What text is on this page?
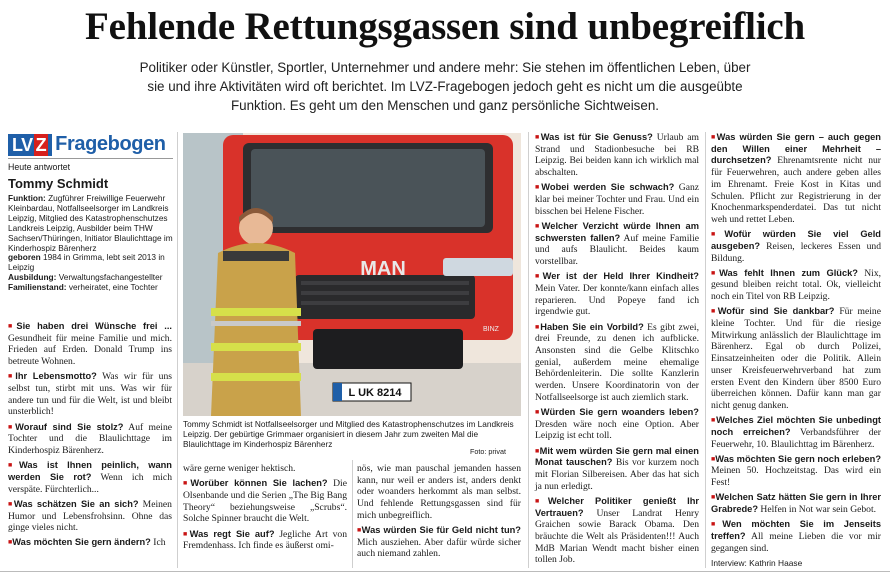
Fehlende Rettungsgassen sind unbegreiflich
Politiker oder Künstler, Sportler, Unternehmer und andere mehr: Sie stehen im öffentlichen Leben, über sie und ihre Aktivitäten wird oft berichtet. Im LVZ-Fragebogen jedoch geht es nicht um die ausgeübte Funktion. Es geht um den Menschen und ganz persönliche Sichtweisen.
LV Z Fragebogen
Heute antwortet
Tommy Schmidt
Funktion: Zugführer Freiwillige Feuerwehr Kleinbardau, Notfallseelsorger im Landkreis Leipzig, Mitglied des Katastrophenschutzes Landkreis Leipzig, Ausbilder beim THW Sachsen/Thüringen, Initiator Blaulichttage im Kinderhospiz Bärenherz
geboren 1984 in Grimma, lebt seit 2013 in Leipzig
Ausbildung: Verwaltungsfachangestellter
Familienstand: verheiratet, eine Tochter

■ Sie haben drei Wünsche frei ... Gesundheit für meine Familie und mich. Frieden auf Erden. Donald Trump ins betreute Wohnen.

■ Ihr Lebensmotto? Was wir für uns selbst tun, stirbt mit uns. Was wir für andere tun und für die Welt, ist und bleibt unsterblich!

■ Worauf sind Sie stolz? Auf meine Tochter und die Blaulichttage im Kinderhospiz Bärenherz.

■ Was ist Ihnen peinlich, wann werden Sie rot? Wenn ich mich verspäte. Fürchterlich...

■ Was schätzen Sie an sich? Meinen Humor und Lebensfrohsinn. Ohne das ginge vieles nicht.

■ Was möchten Sie gern ändern? Ich

MAN
BINZ
L UK 8214
Tommy Schmidt ist Notfallseelsorger und Mitglied des Katastrophenschutzes im Landkreis Leipzig. Der gebürtige Grimmaer organisiert in diesem Jahr zum zweiten Mal die Blaulichttage im Kinderhospiz Bärenherz
Foto: privat

wäre gerne weniger hektisch.

■ Worüber können Sie lachen? Die Olsenbande und die Serien „The Big Bang Theory“ beziehungsweise „Scrubs“. Solche Spinner braucht die Welt.

■ Was regt Sie auf? Jegliche Art von Fremdenhass. Ich finde es äußerst omi-

nös, wie man pauschal jemanden hassen kann, nur weil er anders ist, anders denkt oder woanders herkommt als man selbst. Und fehlende Rettungsgassen sind für mich unbegreiflich.

■ Was würden Sie für Geld nicht tun? Mich ausziehen. Aber dafür würde sicher auch niemand zahlen.

■ Was ist für Sie Genuss? Urlaub am Strand und Stadionbesuche bei RB Leipzig. Bei beiden kann ich wirklich mal abschalten.

■ Wobei werden Sie schwach? Ganz klar bei meiner Tochter und Frau. Und ein bisschen bei Helene Fischer.

■ Welcher Verzicht würde Ihnen am schwersten fallen? Auf meine Familie und aufs Blaulicht. Beides kaum vorstellbar.

■ Wer ist der Held Ihrer Kindheit? Mein Vater. Der konnte/kann einfach alles reparieren. Und Popeye fand ich irgendwie gut.

■ Haben Sie ein Vorbild? Es gibt zwei, drei Freunde, zu denen ich aufblicke. Ansonsten sind die Gelbe Klitschko genial, außerdem meine ehemalige Behördenleiterin. Die sollte Kanzlerin werden. Unsere Koordinatorin von der Notfallseelsorge ist auch ziemlich stark.

■ Würden Sie gern woanders leben? Dresden wäre noch eine Option. Aber Leipzig ist echt toll.

■ Mit wem würden Sie gern mal einen Monat tauschen? Bis vor kurzem noch mit Florian Silbereisen. Aber das hat sich ja nun erledigt.

■ Welcher Politiker genießt Ihr Vertrauen? Unser Landrat Henry Graichen sowie Barack Obama. Den bräuchte die Welt als Präsidenten!!! Auch MdB Marian Wendt macht bisher einen tollen Job.

■ Was würden Sie gern – auch gegen den Willen einer Mehrheit – durchsetzen? Ehrenamtsrente nicht nur für Feuerwehren, auch andere geben alles im Ehrenamt. Freie Kost in Kitas und Schulen. Pflicht zur Registrierung in der Knochenmarkspenderdatei. Das tut nicht weh und rettet Leben.

■ Wofür würden Sie viel Geld ausgeben? Reisen, leckeres Essen und Bildung.

■ Was fehlt Ihnen zum Glück? Nix, gesund bleiben reicht total. Ok, vielleicht noch ein Titel von RB Leipzig.

■ Wofür sind Sie dankbar? Für meine kleine Tochter. Und für die riesige Mitwirkung anlässlich der Blaulichttage im Bärenherz. Egal ob durch Polizei, Einsatzeinheiten oder die Politik. Allein unser Kreisfeuerwehrverband hat zum ersten Event den Kindern über 8500 Euro überreichen können. Dafür kann man gar nicht genug danken.

■ Welches Ziel möchten Sie unbedingt noch erreichen? Verbandsführer der Feuerwehr, 10. Blaulichttag im Bärenherz.

■ Was möchten Sie gern noch erleben? Meinen 50. Hochzeitstag. Das wird ein Fest!

■ Welchen Satz hätten Sie gern in Ihrer Grabrede? Helfen in Not war sein Gebot.

■ Wen möchten Sie im Jenseits treffen? All meine Lieben die vor mir gegangen sind.

Interview: Kathrin Haase
